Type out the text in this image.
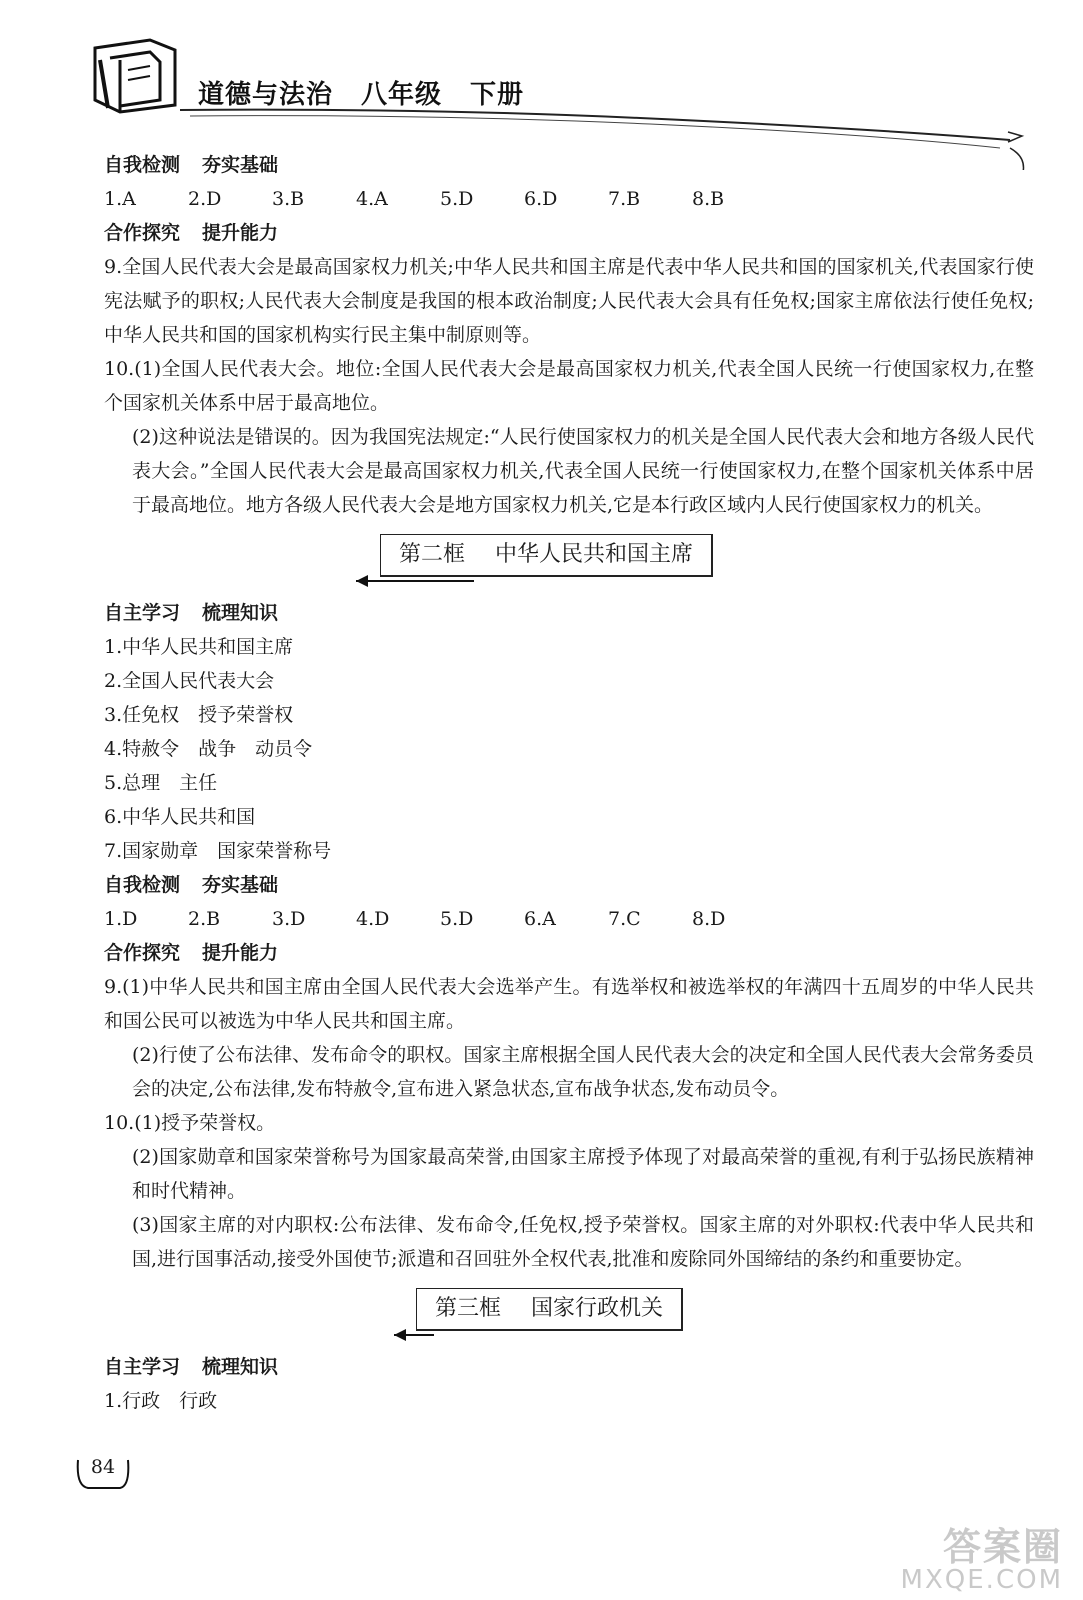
道德与法治 八年级 下册
自我检测 夯实基础
1.A	2.D	3.B	4.A	5.D	6.D	7.B	8.B
合作探究 提升能力
9.全国人民代表大会是最高国家权力机关;中华人民共和国主席是代表中华人民共和国的国家机关,代表国家行使宪法赋予的职权;人民代表大会制度是我国的根本政治制度;人民代表大会具有任免权;国家主席依法行使任免权;中华人民共和国的国家机构实行民主集中制原则等。
10.(1)全国人民代表大会。地位:全国人民代表大会是最高国家权力机关,代表全国人民统一行使国家权力,在整个国家机关体系中居于最高地位。
(2)这种说法是错误的。因为我国宪法规定:“人民行使国家权力的机关是全国人民代表大会和地方各级人民代表大会。”全国人民代表大会是最高国家权力机关,代表全国人民统一行使国家权力,在整个国家机关体系中居于最高地位。地方各级人民代表大会是地方国家权力机关,它是本行政区域内人民行使国家权力的机关。
第二框 中华人民共和国主席
自主学习 梳理知识
1.中华人民共和国主席
2.全国人民代表大会
3.任免权　授予荣誉权
4.特赦令　战争　动员令
5.总理　主任
6.中华人民共和国
7.国家勋章　国家荣誉称号
自我检测 夯实基础
1.D	2.B	3.D	4.D	5.D	6.A	7.C	8.D
合作探究 提升能力
9.(1)中华人民共和国主席由全国人民代表大会选举产生。有选举权和被选举权的年满四十五周岁的中华人民共和国公民可以被选为中华人民共和国主席。
(2)行使了公布法律、发布命令的职权。国家主席根据全国人民代表大会的决定和全国人民代表大会常务委员会的决定,公布法律,发布特赦令,宣布进入紧急状态,宣布战争状态,发布动员令。
10.(1)授予荣誉权。
(2)国家勋章和国家荣誉称号为国家最高荣誉,由国家主席授予体现了对最高荣誉的重视,有利于弘扬民族精神和时代精神。
(3)国家主席的对内职权:公布法律、发布命令,任免权,授予荣誉权。国家主席的对外职权:代表中华人民共和国,进行国事活动,接受外国使节;派遣和召回驻外全权代表,批准和废除同外国缔结的条约和重要协定。
第三框 国家行政机关
自主学习 梳理知识
1.行政　行政
84
答案圈
MXQE.COM
